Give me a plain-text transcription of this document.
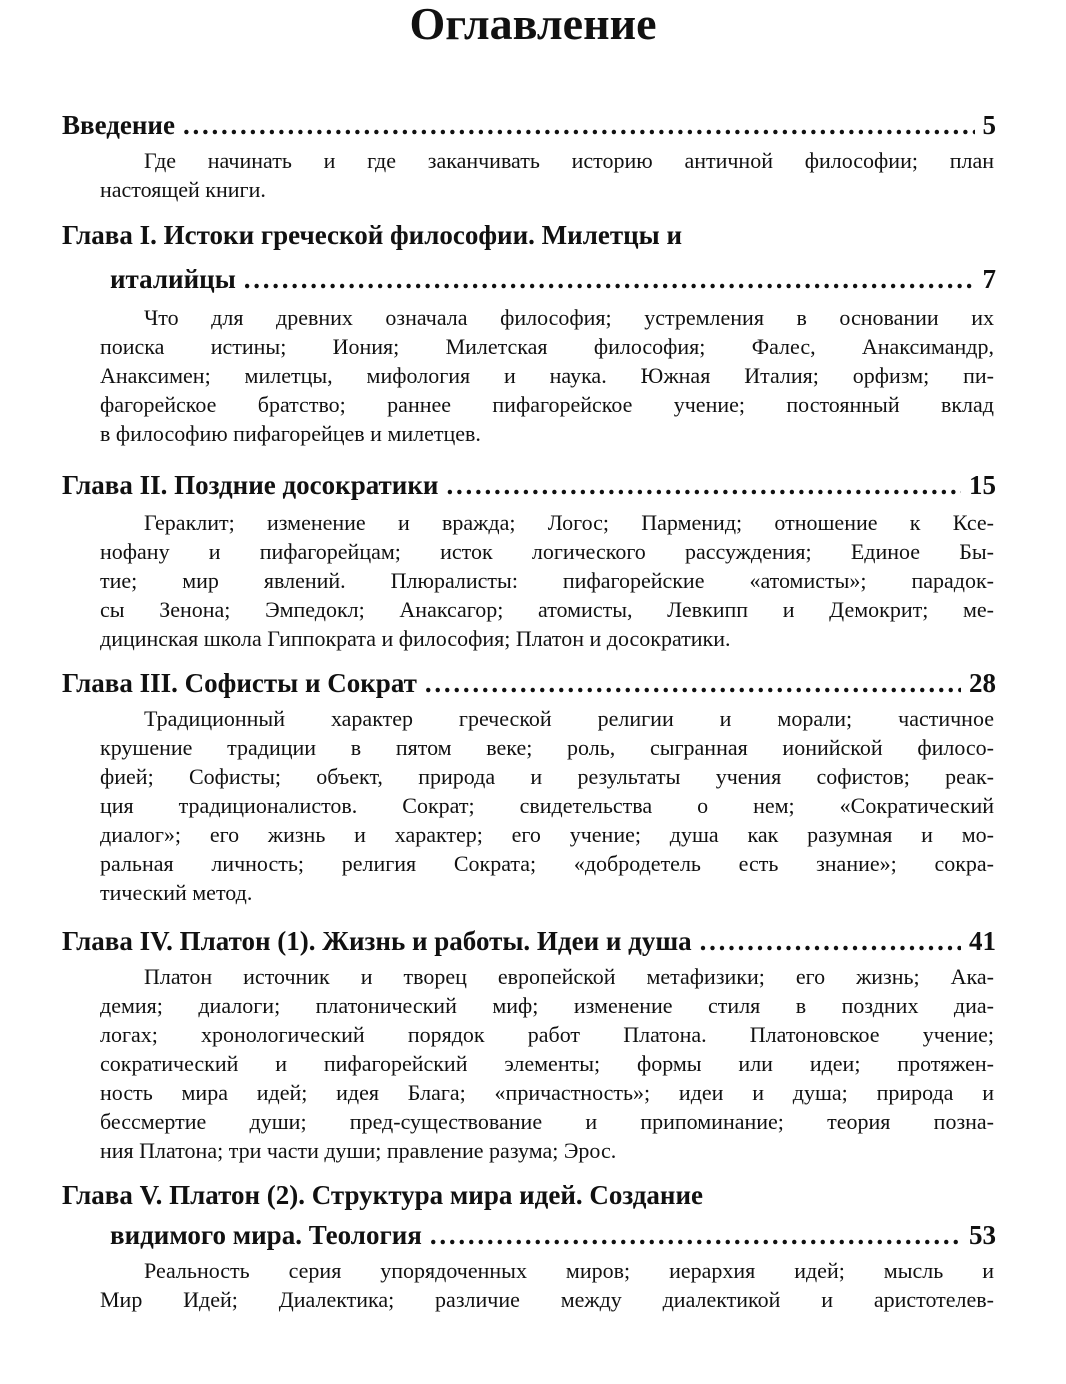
Оглавление
Введение . . .	5
Где начинать и где заканчивать историю античной философии; план
настоящей книги.
Глава I. Истоки греческой философии. Милетцы и
италийцы . . .	7
Что для древних означала философия; устремления в основании их
поиска истины; Иония; Милетская философия; Фалес, Анаксимандр,
Анаксимен; милетцы, мифология и наука. Южная Италия; орфизм; пи-
фагорейское братство; раннее пифагорейское учение; постоянный вклад
в философию пифагорейцев и милетцев.
Глава II. Поздние досократики . . .	15
Гераклит; изменение и вражда; Логос; Парменид; отношение к Ксе-
нофану и пифагорейцам; исток логического рассуждения; Единое Бы-
тие; мир явлений. Плюралисты: пифагорейские «атомисты»; парадок-
сы Зенона; Эмпедокл; Анаксагор; атомисты, Левкипп и Демокрит; ме-
дицинская школа Гиппократа и философия; Платон и досократики.
Глава III. Софисты и Сократ . . .	28
Традиционный характер греческой религии и морали; частичное
крушение традиции в пятом веке; роль, сыгранная ионийской филосо-
фией; Софисты; объект, природа и результаты учения софистов; реак-
ция традиционалистов. Сократ; свидетельства о нем; «Сократический
диалог»; его жизнь и характер; его учение; душа как разумная и мо-
ральная личность; религия Сократа; «добродетель есть знание»; сокра-
тический метод.
Глава IV. Платон (1). Жизнь и работы. Идеи и душа . . .	41
Платон источник и творец европейской метафизики; его жизнь; Ака-
демия; диалоги; платонический миф; изменение стиля в поздних диа-
логах; хронологический порядок работ Платона. Платоновское учение;
сократический и пифагорейский элементы; формы или идеи; протяжен-
ность мира идей; идея Блага; «причастность»; идеи и душа; природа и
бессмертие души; пред-существование и припоминание; теория позна-
ния Платона; три части души; правление разума; Эрос.
Глава V. Платон (2). Структура мира идей. Создание
видимого мира. Теология . . .	53
Реальность серия упорядоченных миров; иерархия идей; мысль и
Мир Идей; Диалектика; различие между диалектикой и аристотелев-
